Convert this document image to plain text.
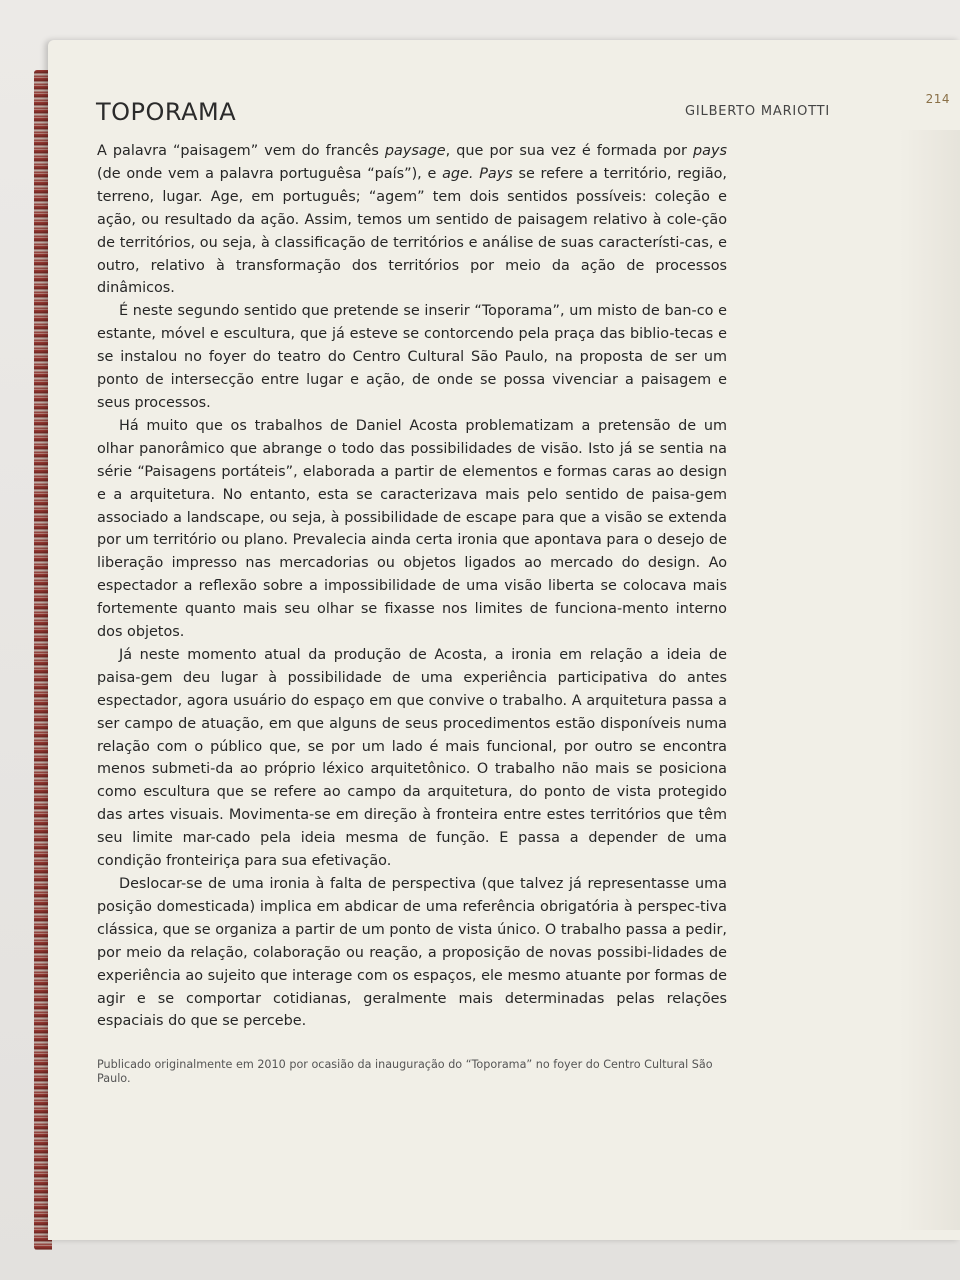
214
TOPORAMA	GILBERTO MARIOTTI

A palavra “paisagem” vem do francês paysage, que por sua vez é formada por pays (de onde vem a palavra portuguêsa “país”), e age. Pays se refere a território, região, terreno, lugar. Age, em português; “agem” tem dois sentidos possíveis: coleção e ação, ou resultado da ação. Assim, temos um sentido de paisagem relativo à cole-ção de territórios, ou seja, à classificação de territórios e análise de suas característi-cas, e outro, relativo à transformação dos territórios por meio da ação de processos dinâmicos.

É neste segundo sentido que pretende se inserir “Toporama”, um misto de ban-co e estante, móvel e escultura, que já esteve se contorcendo pela praça das biblio-tecas e se instalou no foyer do teatro do Centro Cultural São Paulo, na proposta de ser um ponto de intersecção entre lugar e ação, de onde se possa vivenciar a paisagem e seus processos.

Há muito que os trabalhos de Daniel Acosta problematizam a pretensão de um olhar panorâmico que abrange o todo das possibilidades de visão. Isto já se sentia na série “Paisagens portáteis”, elaborada a partir de elementos e formas caras ao design e a arquitetura. No entanto, esta se caracterizava mais pelo sentido de paisa-gem associado a landscape, ou seja, à possibilidade de escape para que a visão se extenda por um território ou plano. Prevalecia ainda certa ironia que apontava para o desejo de liberação impresso nas mercadorias ou objetos ligados ao mercado do design. Ao espectador a reflexão sobre a impossibilidade de uma visão liberta se colocava mais fortemente quanto mais seu olhar se fixasse nos limites de funciona-mento interno dos objetos.

Já neste momento atual da produção de Acosta, a ironia em relação a ideia de paisa-gem deu lugar à possibilidade de uma experiência participativa do antes espectador, agora usuário do espaço em que convive o trabalho. A arquitetura passa a ser campo de atuação, em que alguns de seus procedimentos estão disponíveis numa relação com o público que, se por um lado é mais funcional, por outro se encontra menos submeti-da ao próprio léxico arquitetônico. O trabalho não mais se posiciona como escultura que se refere ao campo da arquitetura, do ponto de vista protegido das artes visuais. Movimenta-se em direção à fronteira entre estes territórios que têm seu limite mar-cado pela ideia mesma de função. E passa a depender de uma condição fronteiriça para sua efetivação.

Deslocar-se de uma ironia à falta de perspectiva (que talvez já representasse uma posição domesticada) implica em abdicar de uma referência obrigatória à perspec-tiva clássica, que se organiza a partir de um ponto de vista único. O trabalho passa a pedir, por meio da relação, colaboração ou reação, a proposição de novas possibi-lidades de experiência ao sujeito que interage com os espaços, ele mesmo atuante por formas de agir e se comportar cotidianas, geralmente mais determinadas pelas relações espaciais do que se percebe.

Publicado originalmente em 2010 por ocasião da inauguração do “Toporama” no foyer do Centro Cultural São Paulo.
